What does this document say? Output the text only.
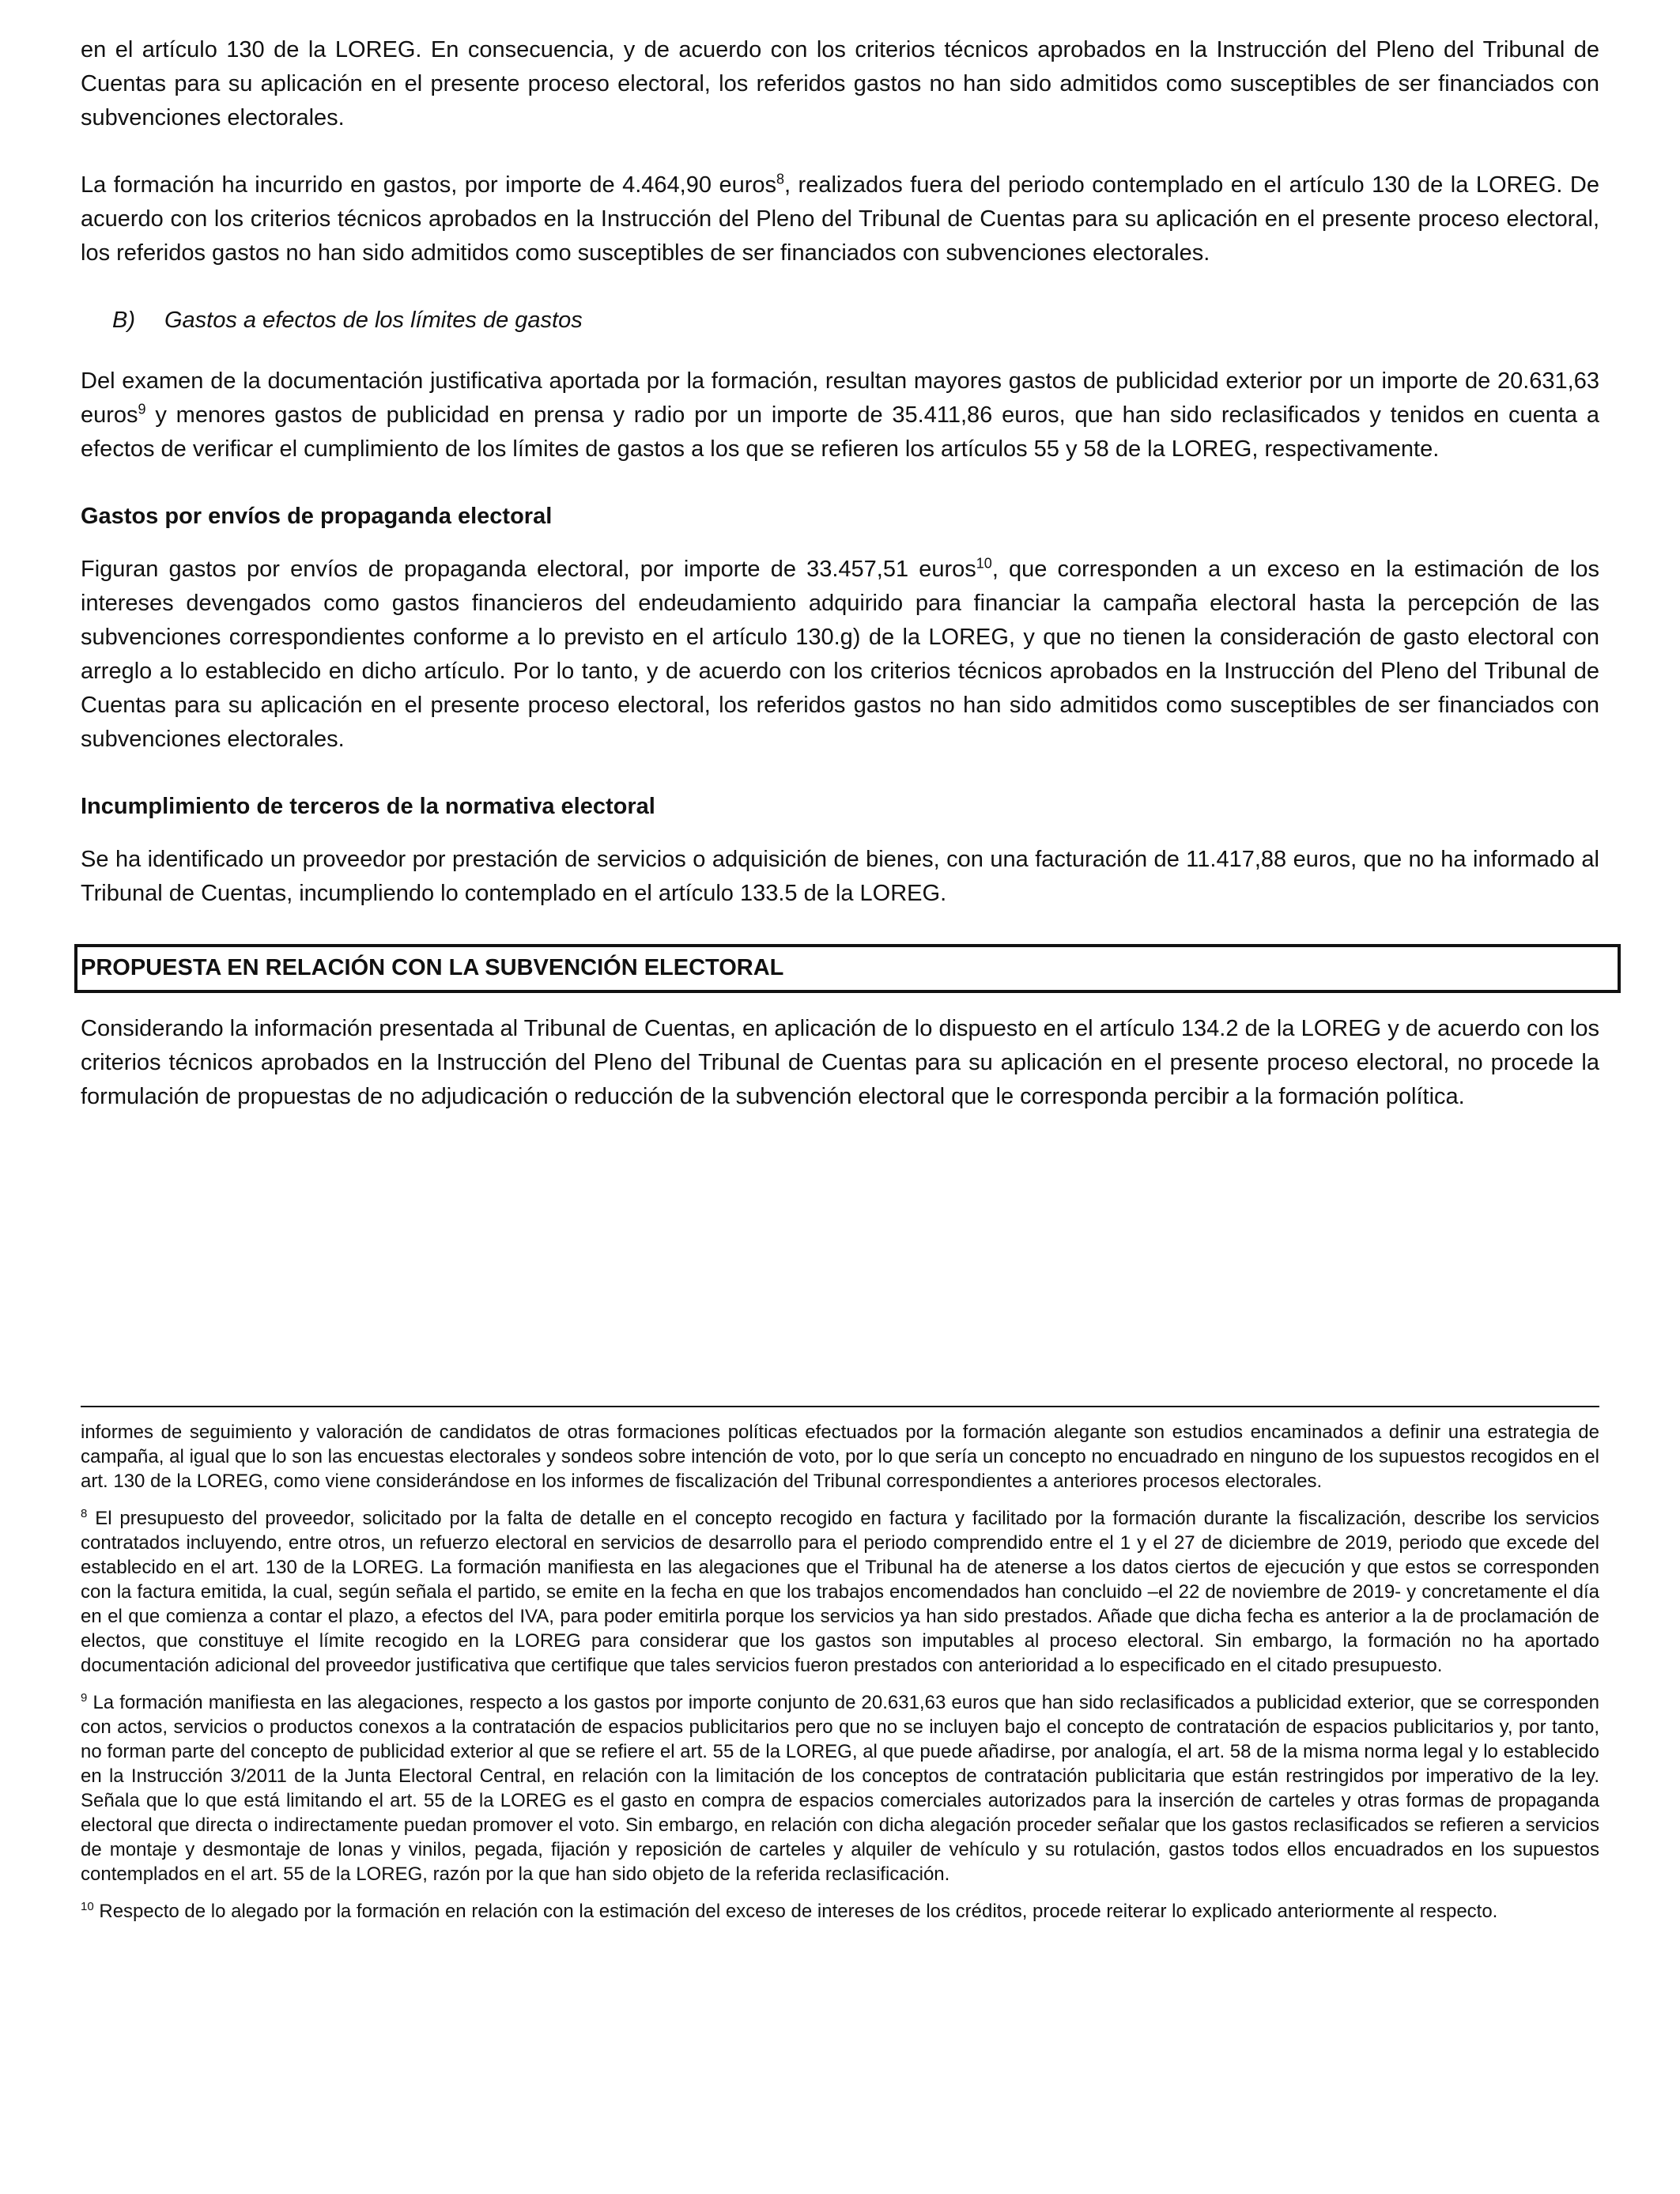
en el artículo 130 de la LOREG. En consecuencia, y de acuerdo con los criterios técnicos aprobados en la Instrucción del Pleno del Tribunal de Cuentas para su aplicación en el presente proceso electoral, los referidos gastos no han sido admitidos como susceptibles de ser financiados con subvenciones electorales.

La formación ha incurrido en gastos, por importe de 4.464,90 euros$^8$, realizados fuera del periodo contemplado en el artículo 130 de la LOREG. De acuerdo con los criterios técnicos aprobados en la Instrucción del Pleno del Tribunal de Cuentas para su aplicación en el presente proceso electoral, los referidos gastos no han sido admitidos como susceptibles de ser financiados con subvenciones electorales.

B) Gastos a efectos de los límites de gastos

Del examen de la documentación justificativa aportada por la formación, resultan mayores gastos de publicidad exterior por un importe de 20.631,63 euros$^9$ y menores gastos de publicidad en prensa y radio por un importe de 35.411,86 euros, que han sido reclasificados y tenidos en cuenta a efectos de verificar el cumplimiento de los límites de gastos a los que se refieren los artículos 55 y 58 de la LOREG, respectivamente.

Gastos por envíos de propaganda electoral

Figuran gastos por envíos de propaganda electoral, por importe de 33.457,51 euros$^{10}$, que corresponden a un exceso en la estimación de los intereses devengados como gastos financieros del endeudamiento adquirido para financiar la campaña electoral hasta la percepción de las subvenciones correspondientes conforme a lo previsto en el artículo 130.g) de la LOREG, y que no tienen la consideración de gasto electoral con arreglo a lo establecido en dicho artículo. Por lo tanto, y de acuerdo con los criterios técnicos aprobados en la Instrucción del Pleno del Tribunal de Cuentas para su aplicación en el presente proceso electoral, los referidos gastos no han sido admitidos como susceptibles de ser financiados con subvenciones electorales.

Incumplimiento de terceros de la normativa electoral

Se ha identificado un proveedor por prestación de servicios o adquisición de bienes, con una facturación de 11.417,88 euros, que no ha informado al Tribunal de Cuentas, incumpliendo lo contemplado en el artículo 133.5 de la LOREG.

PROPUESTA EN RELACIÓN CON LA SUBVENCIÓN ELECTORAL

Considerando la información presentada al Tribunal de Cuentas, en aplicación de lo dispuesto en el artículo 134.2 de la LOREG y de acuerdo con los criterios técnicos aprobados en la Instrucción del Pleno del Tribunal de Cuentas para su aplicación en el presente proceso electoral, no procede la formulación de propuestas de no adjudicación o reducción de la subvención electoral que le corresponda percibir a la formación política.

informes de seguimiento y valoración de candidatos de otras formaciones políticas efectuados por la formación alegante son estudios encaminados a definir una estrategia de campaña, al igual que lo son las encuestas electorales y sondeos sobre intención de voto, por lo que sería un concepto no encuadrado en ninguno de los supuestos recogidos en el art. 130 de la LOREG, como viene considerándose en los informes de fiscalización del Tribunal correspondientes a anteriores procesos electorales.

$^8$ El presupuesto del proveedor, solicitado por la falta de detalle en el concepto recogido en factura y facilitado por la formación durante la fiscalización, describe los servicios contratados incluyendo, entre otros, un refuerzo electoral en servicios de desarrollo para el periodo comprendido entre el 1 y el 27 de diciembre de 2019, periodo que excede del establecido en el art. 130 de la LOREG. La formación manifiesta en las alegaciones que el Tribunal ha de atenerse a los datos ciertos de ejecución y que estos se corresponden con la factura emitida, la cual, según señala el partido, se emite en la fecha en que los trabajos encomendados han concluido –el 22 de noviembre de 2019- y concretamente el día en el que comienza a contar el plazo, a efectos del IVA, para poder emitirla porque los servicios ya han sido prestados. Añade que dicha fecha es anterior a la de proclamación de electos, que constituye el límite recogido en la LOREG para considerar que los gastos son imputables al proceso electoral. Sin embargo, la formación no ha aportado documentación adicional del proveedor justificativa que certifique que tales servicios fueron prestados con anterioridad a lo especificado en el citado presupuesto.

$^9$ La formación manifiesta en las alegaciones, respecto a los gastos por importe conjunto de 20.631,63 euros que han sido reclasificados a publicidad exterior, que se corresponden con actos, servicios o productos conexos a la contratación de espacios publicitarios pero que no se incluyen bajo el concepto de contratación de espacios publicitarios y, por tanto, no forman parte del concepto de publicidad exterior al que se refiere el art. 55 de la LOREG, al que puede añadirse, por analogía, el art. 58 de la misma norma legal y lo establecido en la Instrucción 3/2011 de la Junta Electoral Central, en relación con la limitación de los conceptos de contratación publicitaria que están restringidos por imperativo de la ley. Señala que lo que está limitando el art. 55 de la LOREG es el gasto en compra de espacios comerciales autorizados para la inserción de carteles y otras formas de propaganda electoral que directa o indirectamente puedan promover el voto. Sin embargo, en relación con dicha alegación proceder señalar que los gastos reclasificados se refieren a servicios de montaje y desmontaje de lonas y vinilos, pegada, fijación y reposición de carteles y alquiler de vehículo y su rotulación, gastos todos ellos encuadrados en los supuestos contemplados en el art. 55 de la LOREG, razón por la que han sido objeto de la referida reclasificación.

$^{10}$ Respecto de lo alegado por la formación en relación con la estimación del exceso de intereses de los créditos, procede reiterar lo explicado anteriormente al respecto.
